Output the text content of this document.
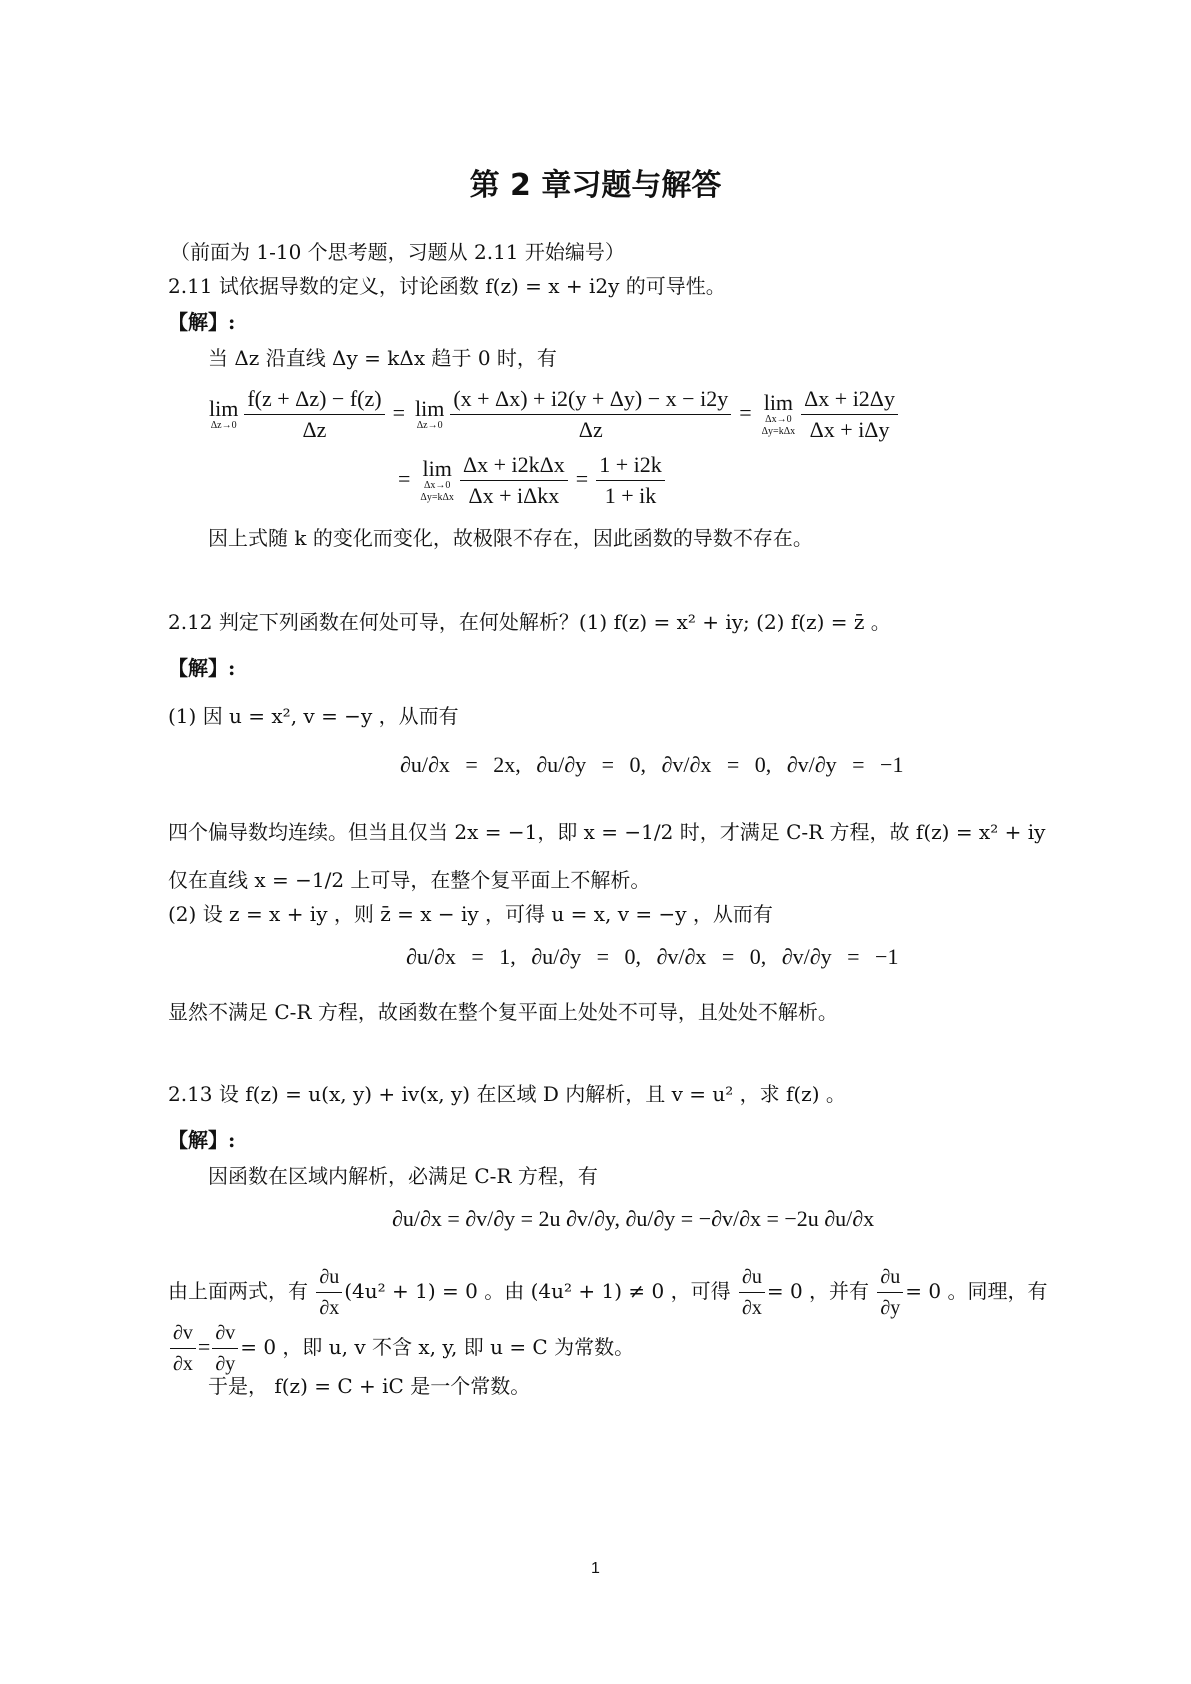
第 2 章习题与解答
（前面为 1-10 个思考题，习题从 2.11 开始编号）
2.11 试依据导数的定义，讨论函数 f(z) = x + i2y 的可导性。
【解】:
当 Δz 沿直线 Δy = kΔx 趋于 0 时，有
lim
$\Delta z\to 0 \frac{f(z + \Delta z) - f(z)}{\Delta z} = \lim$
$\Delta z\to 0 \frac{(x + \Delta x) + i2(y + \Delta y) - x - i2y}{\Delta z} = \lim$
Δx→0
$\Delta y=k\Delta x \frac{\Delta x + i2\Delta y}{\text{Δx + iΔy}}$
= lim
Δx→0
$\Delta y=k\Delta x \frac{\text{Δx + i2kΔx}}{\text{Δx + iΔkx}} = \frac{1 + i2k}{1 + ik}$
因上式随 k 的变化而变化，故极限不存在，因此函数的导数不存在。
2.12 判定下列函数在何处可导，在何处解析？(1) f(z) = x² + iy; (2) f(z) = z̄ 。
【解】:
(1) 因 u = x², v = −y ，从而有
∂u/∂x = 2x, ∂u/∂y = 0, ∂v/∂x = 0, ∂v/∂y = −1
四个偏导数均连续。但当且仅当 2x = −1，即 x = −1/2 时，才满足 C-R 方程，故 f(z) = x² + iy
仅在直线 x = −1/2 上可导，在整个复平面上不解析。
(2) 设 z = x + iy ，则 z̄ = x − iy ，可得 u = x, v = −y ，从而有
∂u/∂x = 1, ∂u/∂y = 0, ∂v/∂x = 0, ∂v/∂y = −1
显然不满足 C-R 方程，故函数在整个复平面上处处不可导，且处处不解析。
2.13 设 f(z) = u(x, y) + iv(x, y) 在区域 D 内解析，且 v = u² ，求 f(z) 。
【解】:
因函数在区域内解析，必满足 C-R 方程，有
∂u/∂x = ∂v/∂y = 2u ∂v/∂y, ∂u/∂y = −∂v/∂x = −2u ∂u/∂x
由上面两式，有 $\frac{\partial u}{\partial x} (4u^2 + 1) = 0$ 。由 (4u² + 1) ≠ 0 ，可得 $\frac{\partial u}{\partial x} = 0$ ，并有 $\frac{\partial u}{\partial y} = 0$ 。同理，有
$\frac{\partial v}{\partial x} = \frac{\partial v}{\partial y} = 0$ ，即 u, v 不含 x, y, 即 u = C 为常数。
于是， f(z) = C + iC 是一个常数。
1
